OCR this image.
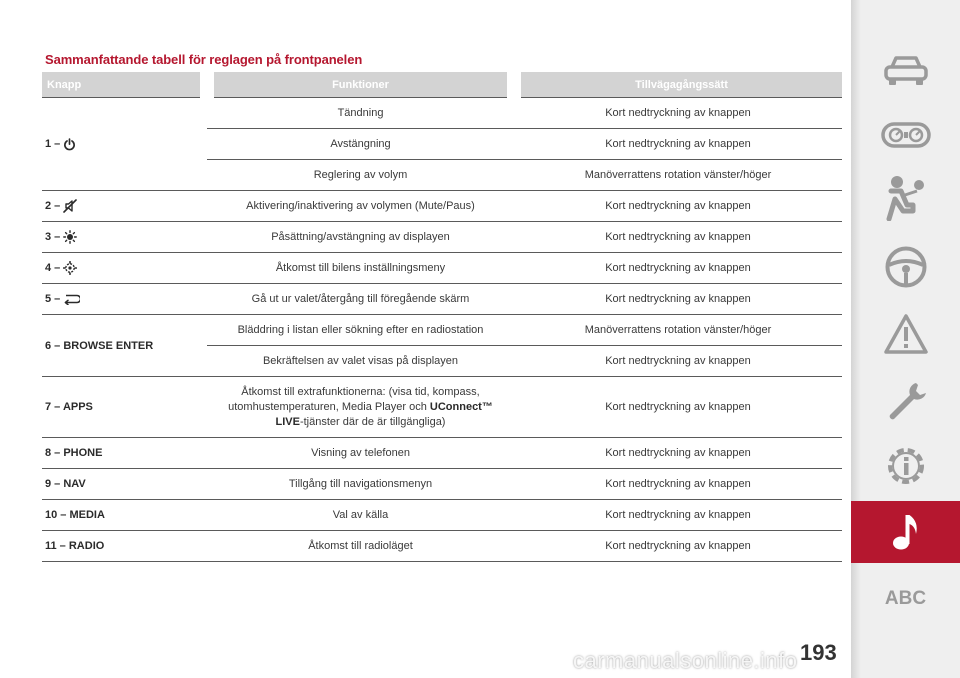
Sammanfattande tabell för reglagen på frontpanelen
Knapp	Funktioner	Tillvägagångssätt

1 –	Tändning	Kort nedtryckning av knappen
	Avstängning	Kort nedtryckning av knappen
	Reglering av volym	Manöverrattens rotation vänster/höger

2 –	Aktivering/inaktivering av volymen (Mute/Paus)	Kort nedtryckning av knappen

3 –	Påsättning/avstängning av displayen	Kort nedtryckning av knappen

4 –	Åtkomst till bilens inställningsmeny	Kort nedtryckning av knappen

5 –	Gå ut ur valet/återgång till föregående skärm	Kort nedtryckning av knappen
6 – BROWSE ENTER	Bläddring i listan eller sökning efter en radiostation	Manöverrattens rotation vänster/höger
	Bekräftelsen av valet visas på displayen	Kort nedtryckning av knappen
7 – APPS	Åtkomst till extrafunktionerna: (visa tid, kompass,
utomhustemperaturen, Media Player och UConnect™
LIVE-tjänster där de är tillgängliga)	Kort nedtryckning av knappen
8 – PHONE	Visning av telefonen	Kort nedtryckning av knappen
9 – NAV	Tillgång till navigationsmenyn	Kort nedtryckning av knappen
10 – MEDIA	Val av källa	Kort nedtryckning av knappen
11 – RADIO	Åtkomst till radioläget	Kort nedtryckning av knappen
ABC
193
carmanualsonline.info
